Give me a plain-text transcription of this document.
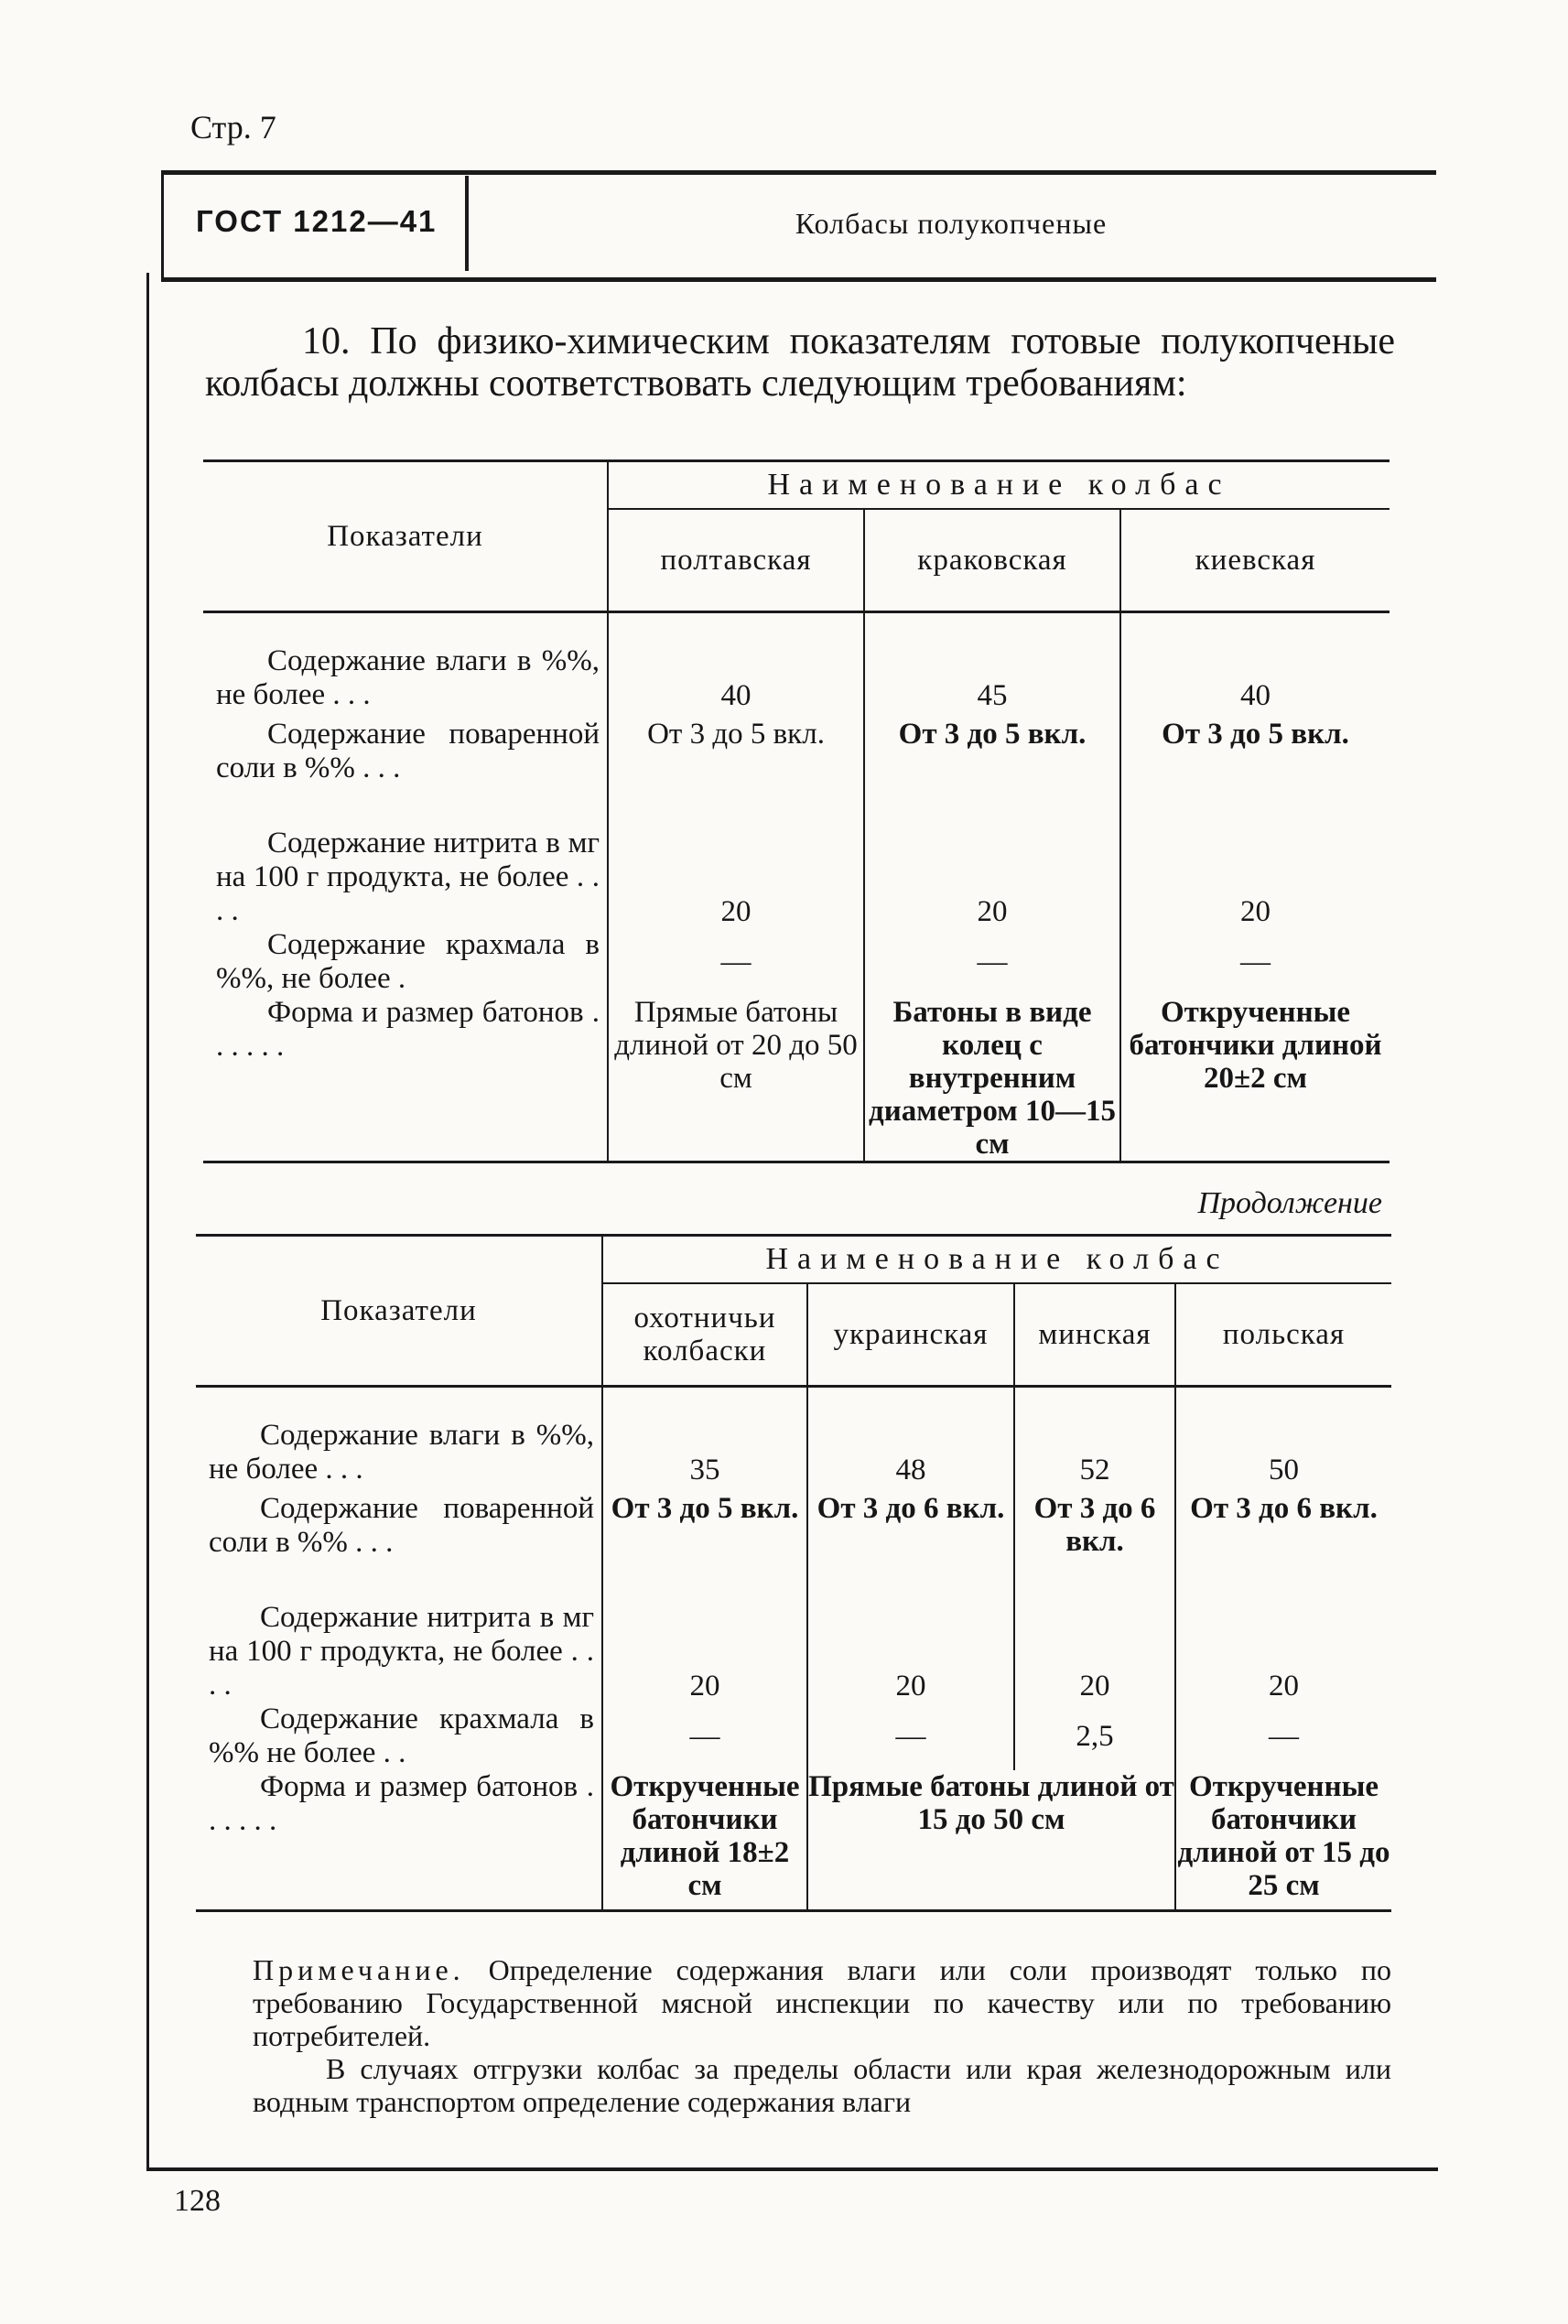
Стр. 7
ГОСТ 1212—41	Колбасы полукопченые
10. По физико-химическим показателям готовые полукопченые колбасы должны соответствовать следующим требованиям:
Показатели	Наименование колбас		
	полтавская	краковская	киевская

Содержание влаги в %%, не более . . .	40	45	40
Содержание поваренной соли в %% . . .	От 3 до 5 вкл.	От 3 до 5 вкл.	От 3 до 5 вкл.
Содержание нитрита в мг на 100 г продукта, не более . . . .	20	20	20
Содержание крахмала в %%, не более .	—	—	—
Форма и размер батонов . . . . . .	Прямые батоны длиной от 20 до 50 см	Батоны в виде колец с внутренним диаметром 10—15 см	Открученные батончики длиной 20±2 см
Продолжение
Показатели	Наименование колбас			
	охотничьи колбаски	украинская	минская	польская

Содержание влаги в %%, не более . . .	35	48	52	50
Содержание поваренной соли в %% . . .	От 3 до 5 вкл.	От 3 до 6 вкл.	От 3 до 6 вкл.	От 3 до 6 вкл.
Содержание нитрита в мг на 100 г продукта, не более . . . .	20	20	20	20
Содержание крахмала в %% не более . .	—	—	2,5	—
Форма и размер батонов . . . . . .	Открученные батончики длиной 18±2 см	Прямые батоны длиной от 15 до 50 см		Открученные батончики длиной от 15 до 25 см

Примечание. Определение содержания влаги или соли производят только по требованию Государственной мясной инспекции по качеству или по требованию потребителей.

В случаях отгрузки колбас за пределы области или края железнодорожным или водным транспортом определение содержания влаги

128
